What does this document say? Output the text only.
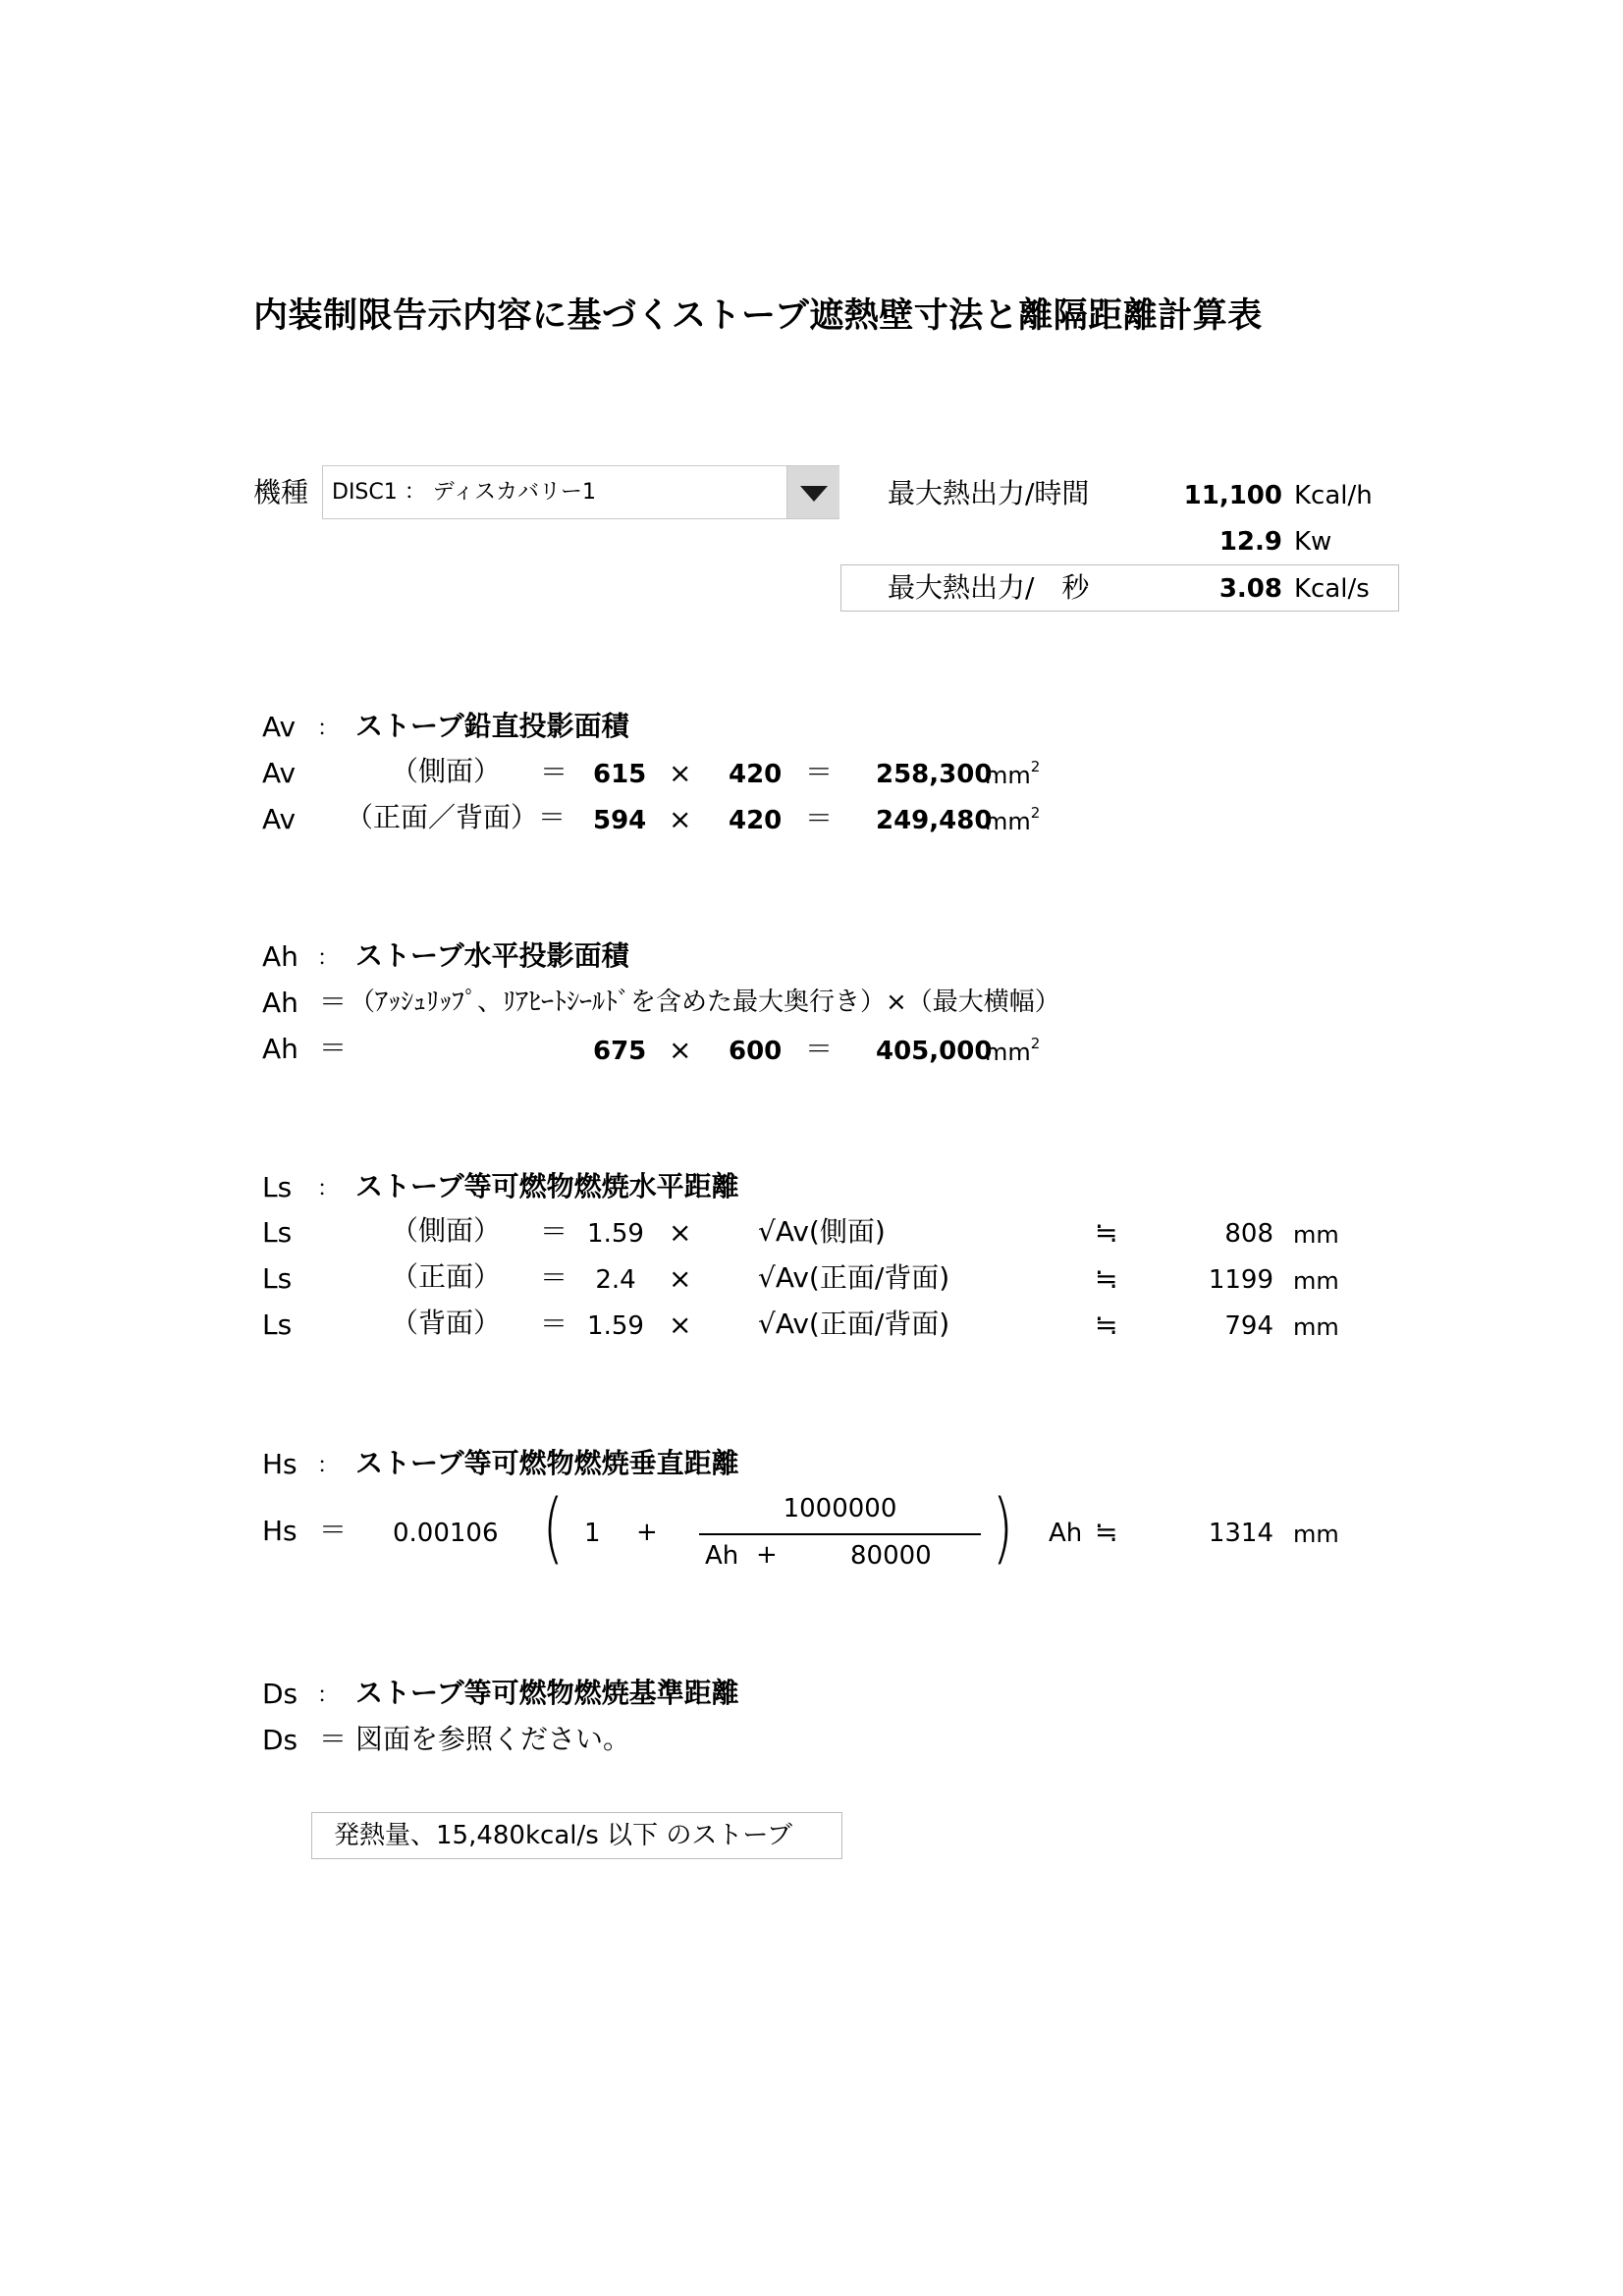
内装制限告示内容に基づくストーブ遮熱壁寸法と離隔距離計算表
機種 DISC1 ： ディスカバリー1	最大熱出力/時間	11,100 Kcal/h
12.9 Kw
最大熱出力/　秒	3.08 Kcal/s
Av ： ストーブ鉛直投影面積
Av	（側面） ＝ 615 × 420 ＝ 258,300
$mm^2$
Av （正面／背面）＝ 594 × 420 ＝ 249,480
$mm^2$
Ah ： ストーブ水平投影面積
Ah ＝ （ｱｯｼｭﾘｯﾌﾟ、ﾘｱﾋｰﾄｼｰﾙﾄﾞを含めた最大奥行き）×（最大横幅）
Ah ＝	675 × 600 ＝ 405,000
$mm^2$
Ls ： ストーブ等可燃物燃焼水平距離
Ls	（側面） ＝ 1.59 × √Av(側面)	≒	808 mm
Ls	（正面） ＝	2.4	× √Av(正面/背面)	≒	1199 mm
Ls	（背面） ＝ 1.59 × √Av(正面/背面)	≒	794 mm
Hs ： ストーブ等可燃物燃焼垂直距離
Hs ＝ 0.00106 ( 1 +
1000000
Ah +	80000 ) Ah ≒	1314 mm
Ds ： ストーブ等可燃物燃焼基準距離
Ds ＝ 図面を参照ください。
発熱量、15,480kcal/s 以下 のストーブ
